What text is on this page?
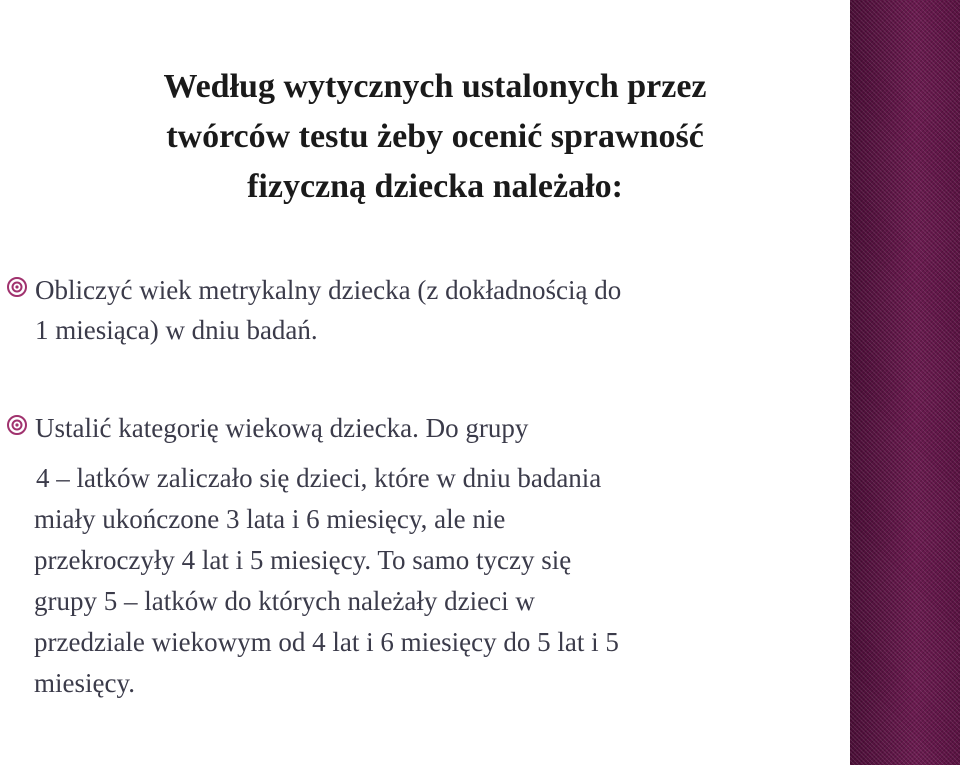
Według wytycznych ustalonych przez
twórców testu żeby ocenić sprawność
fizyczną dziecka należało:
Obliczyć wiek metrykalny dziecka (z dokładnością do
1 miesiąca) w dniu badań.
Ustalić kategorię wiekową dziecka. Do grupy
4 – latków zaliczało się dzieci, które w dniu badania
miały ukończone 3 lata i 6 miesięcy, ale nie
przekroczyły 4 lat i 5 miesięcy. To samo tyczy się
grupy 5 – latków do których należały dzieci w
przedziale wiekowym od 4 lat i 6 miesięcy do 5 lat i 5
miesięcy.
